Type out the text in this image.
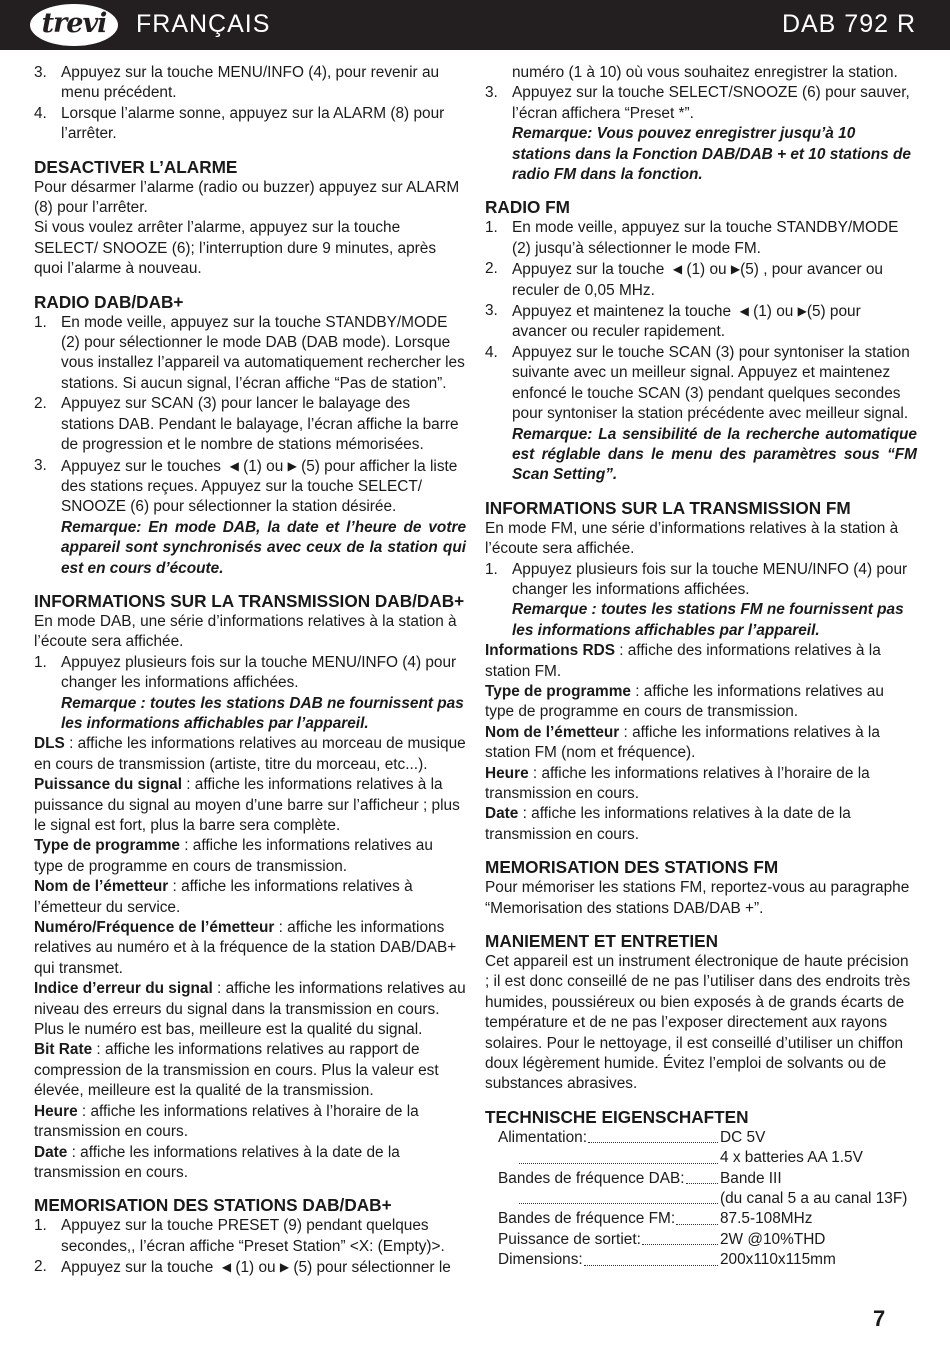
trevi	FRANÇAIS	DAB 792 R
3. Appuyez sur la touche MENU/INFO (4), pour revenir au menu précédent.
4. Lorsque l’alarme sonne, appuyez sur la ALARM (8) pour l’arrêter.
DESACTIVER L’ALARME

Pour désarmer l’alarme (radio ou buzzer) appuyez sur ALARM (8) pour l’arrêter.

Si vous voulez arrêter l’alarme, appuyez sur la touche SELECT/ SNOOZE (6); l’interruption dure 9 minutes, après quoi l’alarme à nouveau.

RADIO DAB/DAB+
1. En mode veille, appuyez sur la touche STANDBY/MODE (2) pour sélectionner le mode DAB (DAB mode). Lorsque vous installez l’appareil va automatiquement rechercher les stations. Si aucun signal, l’écran affiche “Pas de station”.
2. Appuyez sur SCAN (3) pour lancer le balayage des stations DAB. Pendant le balayage, l’écran affiche la barre de progression et le nombre de stations mémorisées.
3. Appuyez sur le touches ◀ (1) ou ▶ (5) pour afficher la liste des stations reçues. Appuyez sur la touche SELECT/ SNOOZE (6) pour sélectionner la station désirée.
Remarque: En mode DAB, la date et l’heure de votre appareil sont synchronisés avec ceux de la station qui est en cours d’écoute.
INFORMATIONS SUR LA TRANSMISSION DAB/DAB+

En mode DAB, une série d’informations relatives à la station à l’écoute sera affichée.

1. Appuyez plusieurs fois sur la touche MENU/INFO (4) pour changer les informations affichées.
Remarque : toutes les stations DAB ne fournissent pas les informations affichables par l’appareil.

DLS : affiche les informations relatives au morceau de musique en cours de transmission (artiste, titre du morceau, etc...).

Puissance du signal : affiche les informations relatives à la puissance du signal au moyen d’une barre sur l’afficheur ; plus le signal est fort, plus la barre sera complète.

Type de programme : affiche les informations relatives au type de programme en cours de transmission.

Nom de l’émetteur : affiche les informations relatives à l’émetteur du service.

Numéro/Fréquence de l’émetteur : affiche les informations relatives au numéro et à la fréquence de la station DAB/DAB+ qui transmet.

Indice d’erreur du signal : affiche les informations relatives au niveau des erreurs du signal dans la transmission en cours. Plus le numéro est bas, meilleure est la qualité du signal.

Bit Rate : affiche les informations relatives au rapport de compression de la transmission en cours. Plus la valeur est élevée, meilleure est la qualité de la transmission.

Heure : affiche les informations relatives à l’horaire de la transmission en cours.

Date : affiche les informations relatives à la date de la transmission en cours.

MEMORISATION DES STATIONS DAB/DAB+
1. Appuyez sur la touche PRESET (9) pendant quelques secondes,, l’écran affiche “Preset Station” <X: (Empty)>.
2. Appuyez sur la touche ◀ (1) ou ▶ (5) pour sélectionner le
numéro (1 à 10) où vous souhaitez enregistrer la station.
3. Appuyez sur la touche SELECT/SNOOZE (6) pour sauver, l’écran affichera “Preset *”.
Remarque: Vous pouvez enregistrer jusqu’à 10 stations dans la Fonction DAB/DAB + et 10 stations de radio FM dans la fonction.
RADIO FM
1. En mode veille, appuyez sur la touche STANDBY/MODE (2) jusqu’à sélectionner le mode FM.
2. Appuyez sur la touche ◀ (1) ou ▶(5) , pour avancer ou reculer de 0,05 MHz.
3. Appuyez et maintenez la touche ◀ (1) ou ▶(5) pour avancer ou reculer rapidement.
4. Appuyez sur le touche SCAN (3) pour syntoniser la station suivante avec un meilleur signal. Appuyez et maintenez enfoncé le touche SCAN (3) pendant quelques secondes pour syntoniser la station précédente avec meilleur signal.
Remarque: La sensibilité de la recherche automatique est réglable dans le menu des paramètres sous “FM Scan Setting”.
INFORMATIONS SUR LA TRANSMISSION FM

En mode FM, une série d’informations relatives à la station à l’écoute sera affichée.

1. Appuyez plusieurs fois sur la touche MENU/INFO (4) pour changer les informations affichées.
Remarque : toutes les stations FM ne fournissent pas les informations affichables par l’appareil.

Informations RDS : affiche des informations relatives à la station FM.

Type de programme : affiche les informations relatives au type de programme en cours de transmission.

Nom de l’émetteur : affiche les informations relatives à la station FM (nom et fréquence).

Heure : affiche les informations relatives à l’horaire de la transmission en cours.

Date : affiche les informations relatives à la date de la transmission en cours.

MEMORISATION DES STATIONS FM

Pour mémoriser les stations FM, reportez-vous au paragraphe “Memorisation des stations DAB/DAB +”.

MANIEMENT ET ENTRETIEN

Cet appareil est un instrument électronique de haute précision ; il est donc conseillé de ne pas l’utiliser dans des endroits très humides, poussiéreux ou bien exposés à de grands écarts de température et de ne pas l’exposer directement aux rayons solaires. Pour le nettoyage, il est conseillé d’utiliser un chiffon doux légèrement humide. Évitez l’emploi de solvants ou de substances abrasives.

TECHNISCHE EIGENSCHAFTEN
Alimentation:	DC 5V
4 x batteries AA 1.5V
Bandes de fréquence DAB: Bande III
(du canal 5 a au canal 13F)
Bandes de fréquence FM:	87.5-108MHz
Puissance de sortiet:	2W @10%THD
Dimensions:	200x110x115mm
7
